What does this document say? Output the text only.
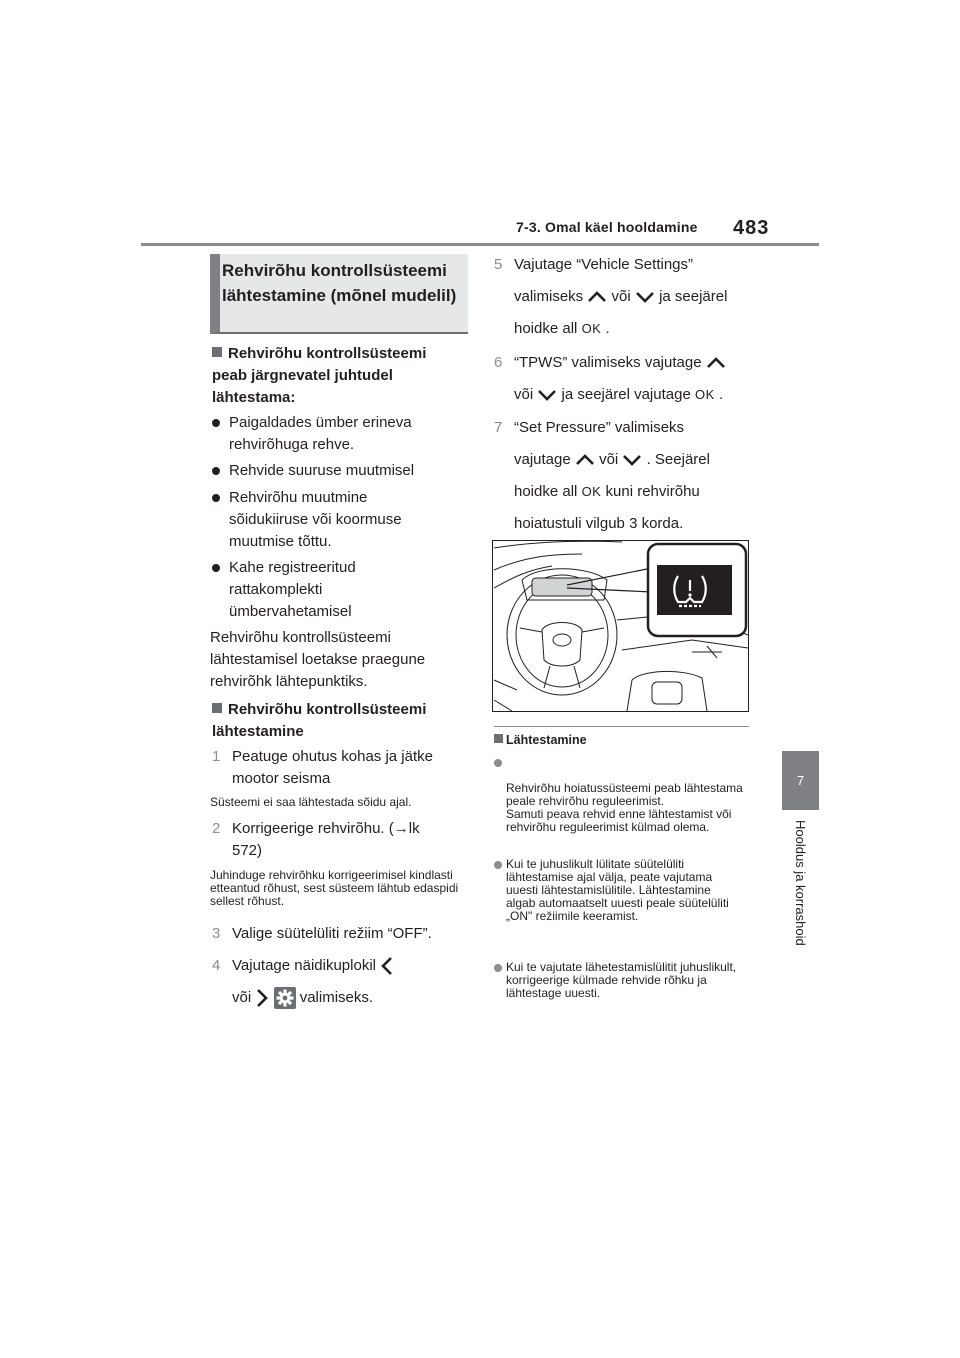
7-3. Omal käel hooldamine 483
7
Hooldus ja korrashoid
Rehvirõhu kontrollsüsteemi lähtestamine (mõnel mudelil)
Rehvirõhu kontrollsüsteemi peab järgnevatel juhtudel lähtestama:
Paigaldades ümber erineva rehvirõhuga rehve.
Rehvide suuruse muutmisel
Rehvirõhu muutmine sõidukiiruse või koormuse muutmise tõttu.
Kahe registreeritud rattakomplekti ümbervahetamisel
Rehvirõhu kontrollsüsteemi lähtestamisel loetakse praegune rehvirõhk lähtepunktiks.
Rehvirõhu kontrollsüsteemi lähtestamine
1 Peatuge ohutus kohas ja jätke mootor seisma
Süsteemi ei saa lähtestada sõidu ajal.
2 Korrigeerige rehvirõhu. (→lk 572)
Juhinduge rehvirõhku korrigeerimisel kindlasti etteantud rõhust, sest süsteem lähtub edaspidi sellest rõhust.
3 Valige süütelüliti režiim “OFF”.
4 Vajutage näidikuplokil
või	valimiseks.
5 Vajutage “Vehicle Settings”
valimiseks või ja seejärel
hoidke all OK .
6 “TPWS” valimiseks vajutage
või ja seejärel vajutage OK .
7 “Set Pressure” valimiseks
vajutage või . Seejärel
hoidke all OK kuni rehvirõhu
hoiatustuli vilgub 3 korda.
Lähtestamine

Rehvirõhu hoiatussüsteemi peab lähtestama peale rehvirõhu reguleerimist.
Samuti peava rehvid enne lähtestamist või rehvirõhu reguleerimist külmad olema.

Kui te juhuslikult lülitate süütelüliti lähtestamise ajal välja, peate vajutama uuesti lähtestamislülitile. Lähtestamine algab automaatselt uuesti peale süütelüliti „ON" režiimile keeramist.
Kui te vajutate lähetestamislülitit juhuslikult, korrigeerige külmade rehvide rõhku ja lähtestage uuesti.
